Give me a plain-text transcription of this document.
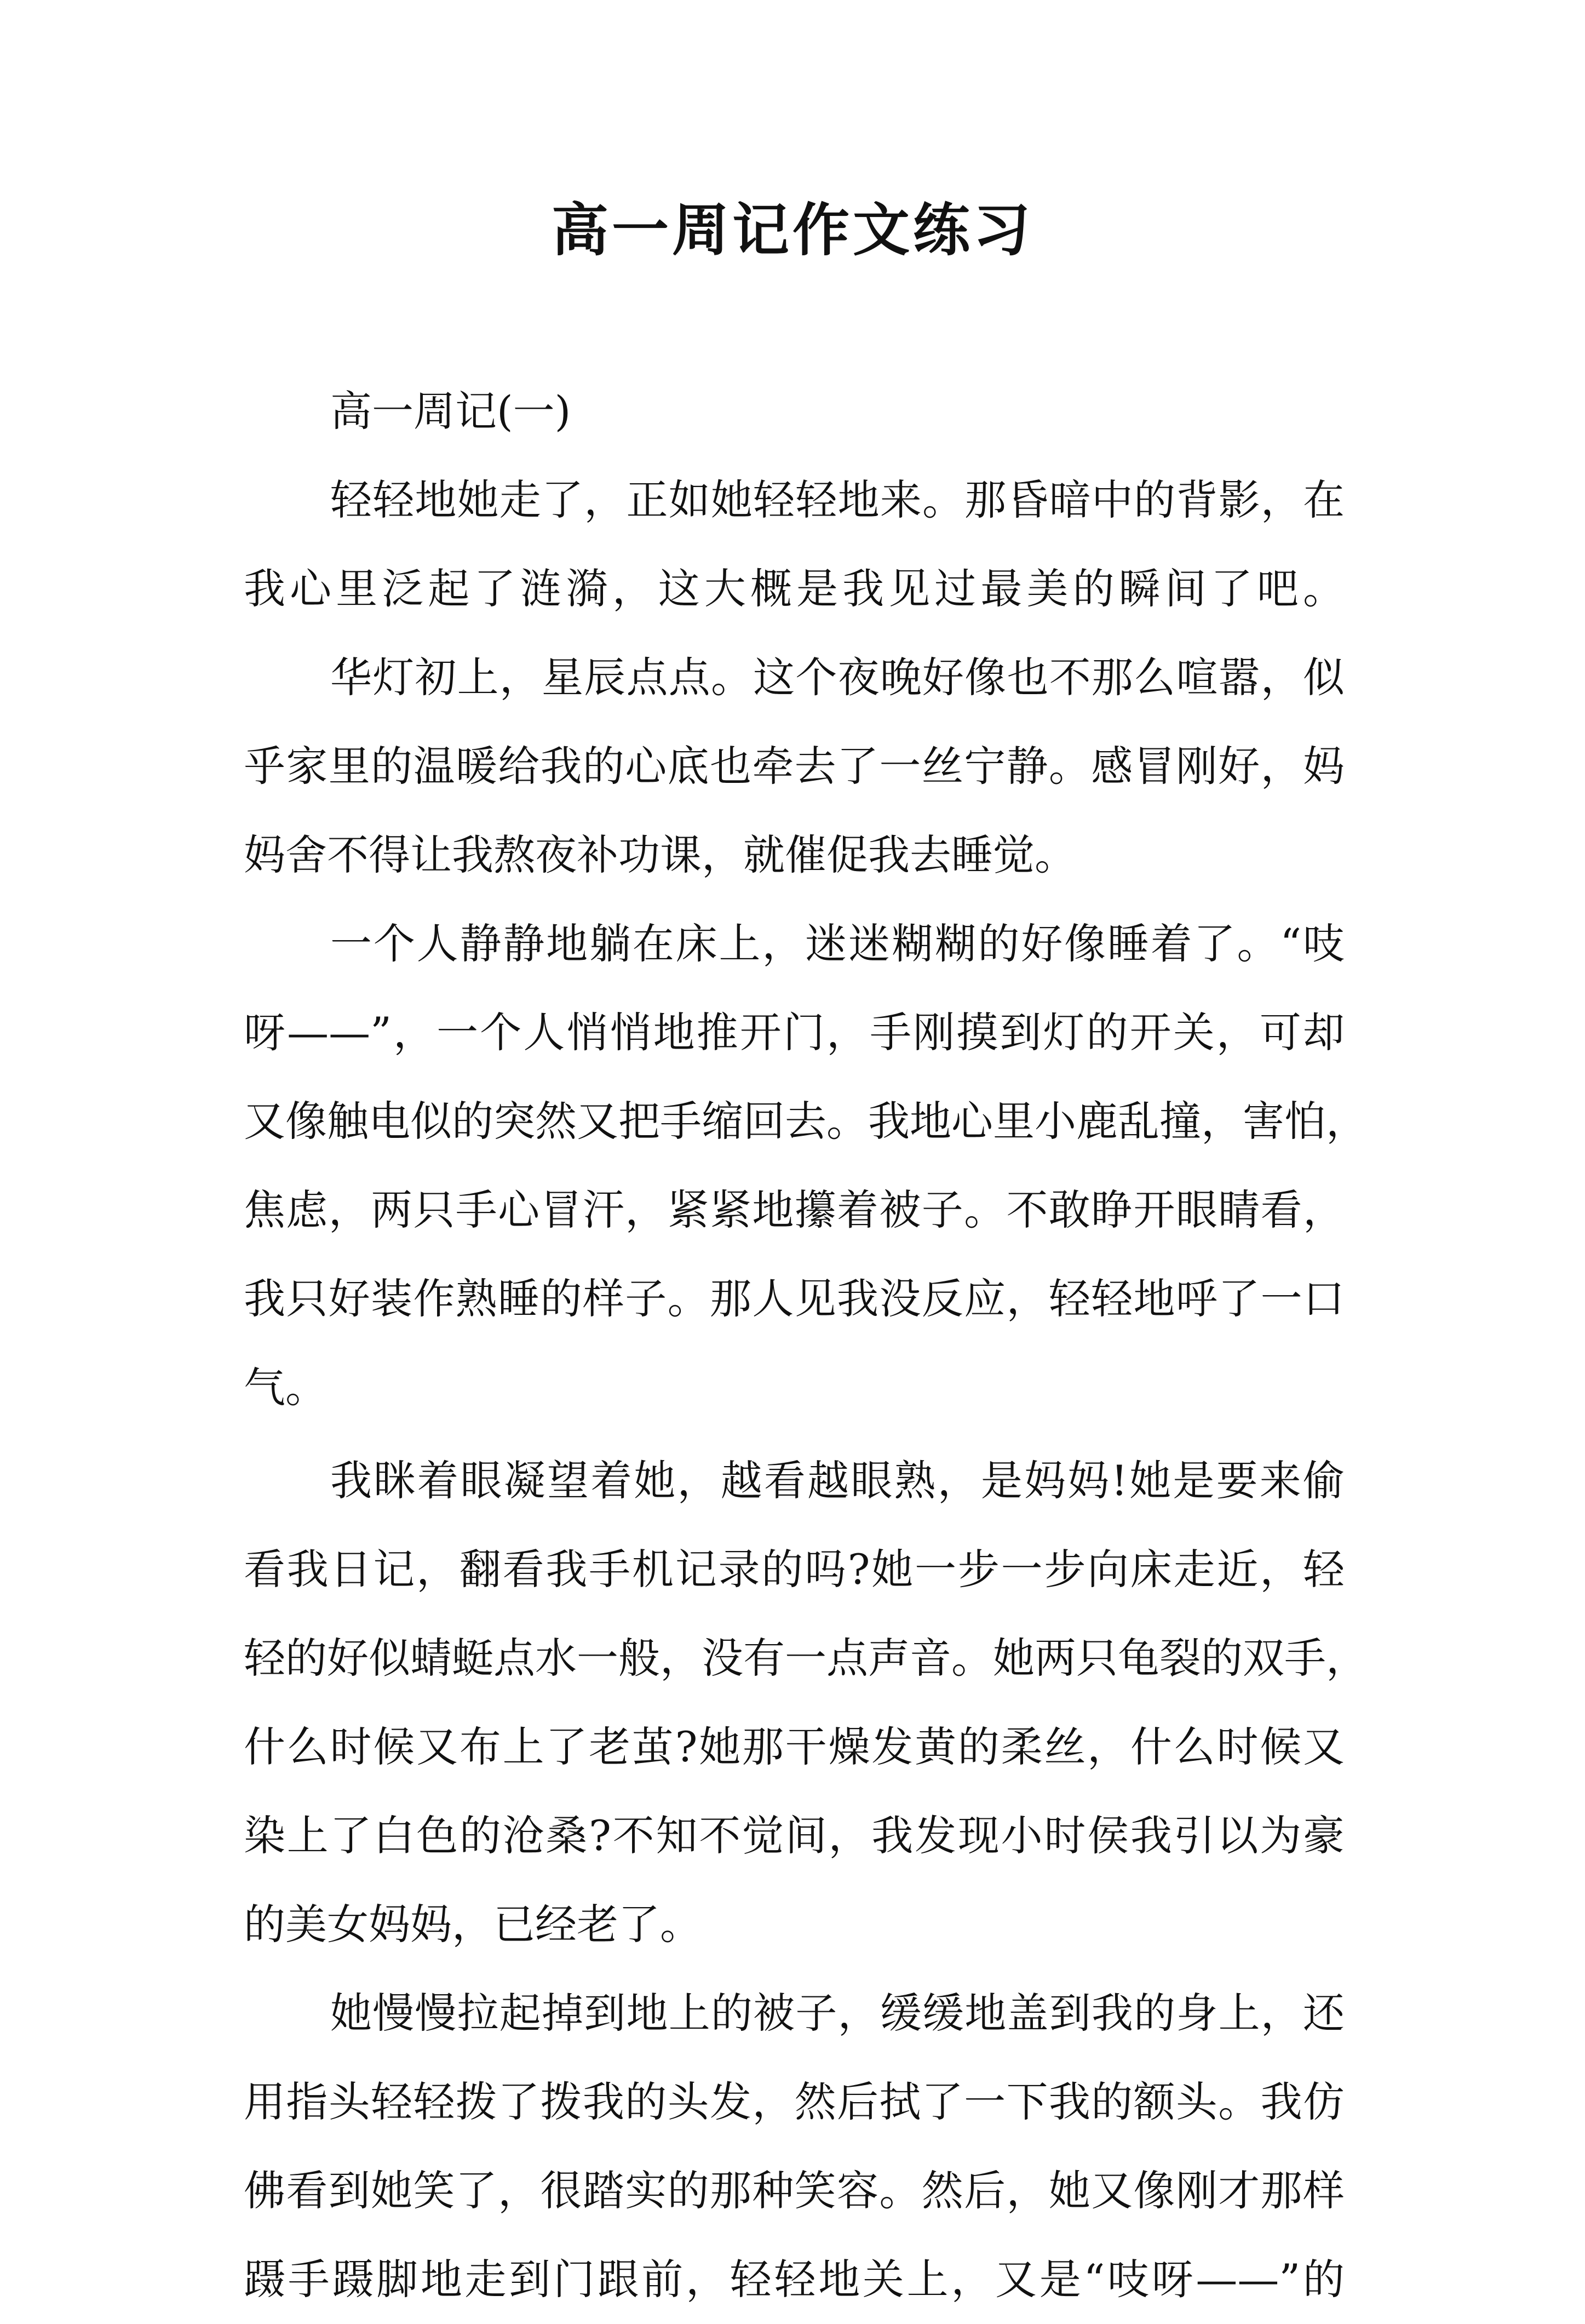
高一周记作文练习
高一周记(一)
轻轻地她走了，正如她轻轻地来。那昏暗中的背影，在
我心里泛起了涟漪，这大概是我见过最美的瞬间了吧。
华灯初上，星辰点点。这个夜晚好像也不那么喧嚣，似
乎家里的温暖给我的心底也牵去了一丝宁静。感冒刚好，妈
妈舍不得让我熬夜补功课，就催促我去睡觉。
一个人静静地躺在床上，迷迷糊糊的好像睡着了。“吱
呀——”，一个人悄悄地推开门，手刚摸到灯的开关，可却
又像触电似的突然又把手缩回去。我地心里小鹿乱撞，害怕，
焦虑，两只手心冒汗，紧紧地攥着被子。不敢睁开眼睛看，
我只好装作熟睡的样子。那人见我没反应，轻轻地呼了一口
气。
我眯着眼凝望着她，越看越眼熟，是妈妈!她是要来偷
看我日记，翻看我手机记录的吗?她一步一步向床走近，轻
轻的好似蜻蜓点水一般，没有一点声音。她两只龟裂的双手，
什么时候又布上了老茧?她那干燥发黄的柔丝，什么时候又
染上了白色的沧桑?不知不觉间，我发现小时侯我引以为豪
的美女妈妈，已经老了。
她慢慢拉起掉到地上的被子，缓缓地盖到我的身上，还
用指头轻轻拨了拨我的头发，然后拭了一下我的额头。我仿
佛看到她笑了，很踏实的那种笑容。然后，她又像刚才那样
蹑手蹑脚地走到门跟前，轻轻地关上，又是“吱呀——”的
